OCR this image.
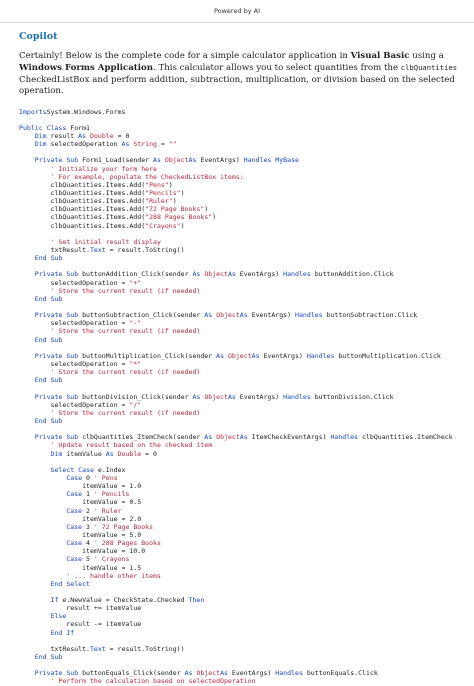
Powered by AI
Copilot
Certainly! Below is the complete code for a simple calculator application in Visual Basic using a Windows Forms Application. This calculator allows you to select quantities from the clbQuantities CheckedListBox and perform addition, subtraction, multiplication, or division based on the selected operation.
ImportsSystem.Windows.Forms

Public Class Form1
Dim result As Double = 0
Dim selectedOperation As String = ""

Private Sub Form1_Load(sender As ObjectAs EventArgs) Handles MyBase
' Initialize your form here
' For example, populate the CheckedListBox items:
clbQuantities.Items.Add("Pens")
clbQuantities.Items.Add("Pencils")
clbQuantities.Items.Add("Ruler")
clbQuantities.Items.Add("72 Page Books")
clbQuantities.Items.Add("288 Pages Books")
clbQuantities.Items.Add("Crayons")

' Set initial result display
txtResult.Text = result.ToString()
End Sub

Private Sub buttonAddition_Click(sender As ObjectAs EventArgs) Handles buttonAddition.Click
selectedOperation = "+"
' Store the current result (if needed)
End Sub

Private Sub buttonSubtraction_Click(sender As ObjectAs EventArgs) Handles buttonSubtraction.Click
selectedOperation = "-"
' Store the current result (if needed)
End Sub

Private Sub buttonMultiplication_Click(sender As ObjectAs EventArgs) Handles buttonMultiplication.Click
selectedOperation = "*"
' Store the current result (if needed)
End Sub

Private Sub buttonDivision_Click(sender As ObjectAs EventArgs) Handles buttonDivision.Click
selectedOperation = "/"
' Store the current result (if needed)
End Sub

Private Sub clbQuantities_ItemCheck(sender As ObjectAs ItemCheckEventArgs) Handles clbQuantities.ItemCheck
' Update result based on the checked item
Dim itemValue As Double = 0

Select Case e.Index
Case 0 ' Pens
itemValue = 1.0
Case 1 ' Pencils
itemValue = 0.5
Case 2 ' Ruler
itemValue = 2.0
Case 3 ' 72 Page Books
itemValue = 5.0
Case 4 ' 288 Pages Books
itemValue = 10.0
Case 5 ' Crayons
itemValue = 1.5
' ... handle other items
End Select

If e.NewValue = CheckState.Checked Then
result += itemValue
Else
result -= itemValue
End If

txtResult.Text = result.ToString()
End Sub

Private Sub buttonEquals_Click(sender As ObjectAs EventArgs) Handles buttonEquals.Click
' Perform the calculation based on selectedOperation
